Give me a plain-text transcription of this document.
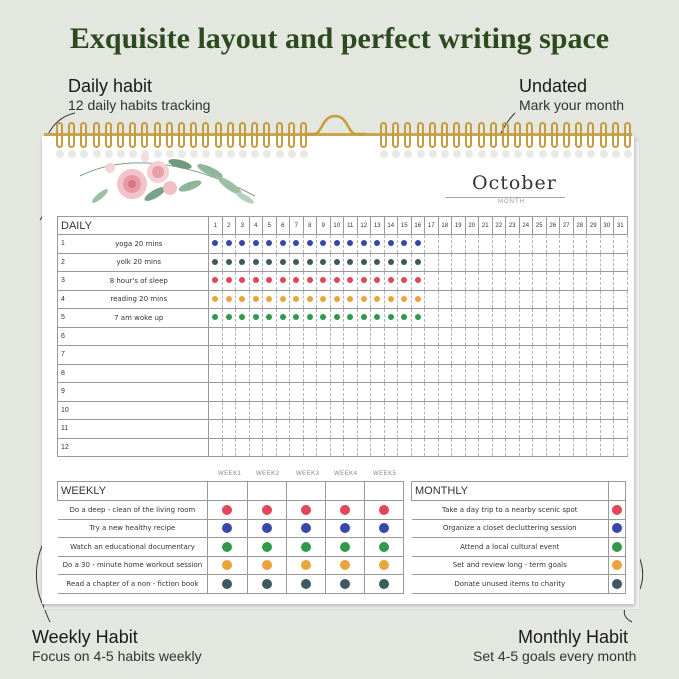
Exquisite layout and perfect writing space
Daily habit
12 daily habits tracking
Undated
Mark your month
Weekly Habit
Focus on 4-5 habits weekly
Monthly Habit
Set 4-5 goals every month
October
MONTH
DAILY		1	2	3	4	5	6	7	8	9	10	11	12	13	14	15	16	17	18	19	20	21	22	23	24	25	26	27	28	29	30	31
1	yoga 20 mins																															
2	yolk 20 mins																															
3	8 hour's of sleep																															
4	reading 20 mins																															
5	7 am woke up																															
6																																
7																																
8																																
9																																
10																																
11																																
12																																
WEEK1 WEEK2	WEEK3 WEEK4	WEEK5
WEEKLY					
Do a deep - clean of the living room					
Try a new healthy recipe					
Watch an educational documentary					
Do a 30 - minute home workout session					
Read a chapter of a non - fiction book					
MONTHLY	
Take a day trip to a nearby scenic spot	
Organize a closet decluttering session	
Attend a local cultural event	
Set and review long - term goals	
Donate unused items to charity	
